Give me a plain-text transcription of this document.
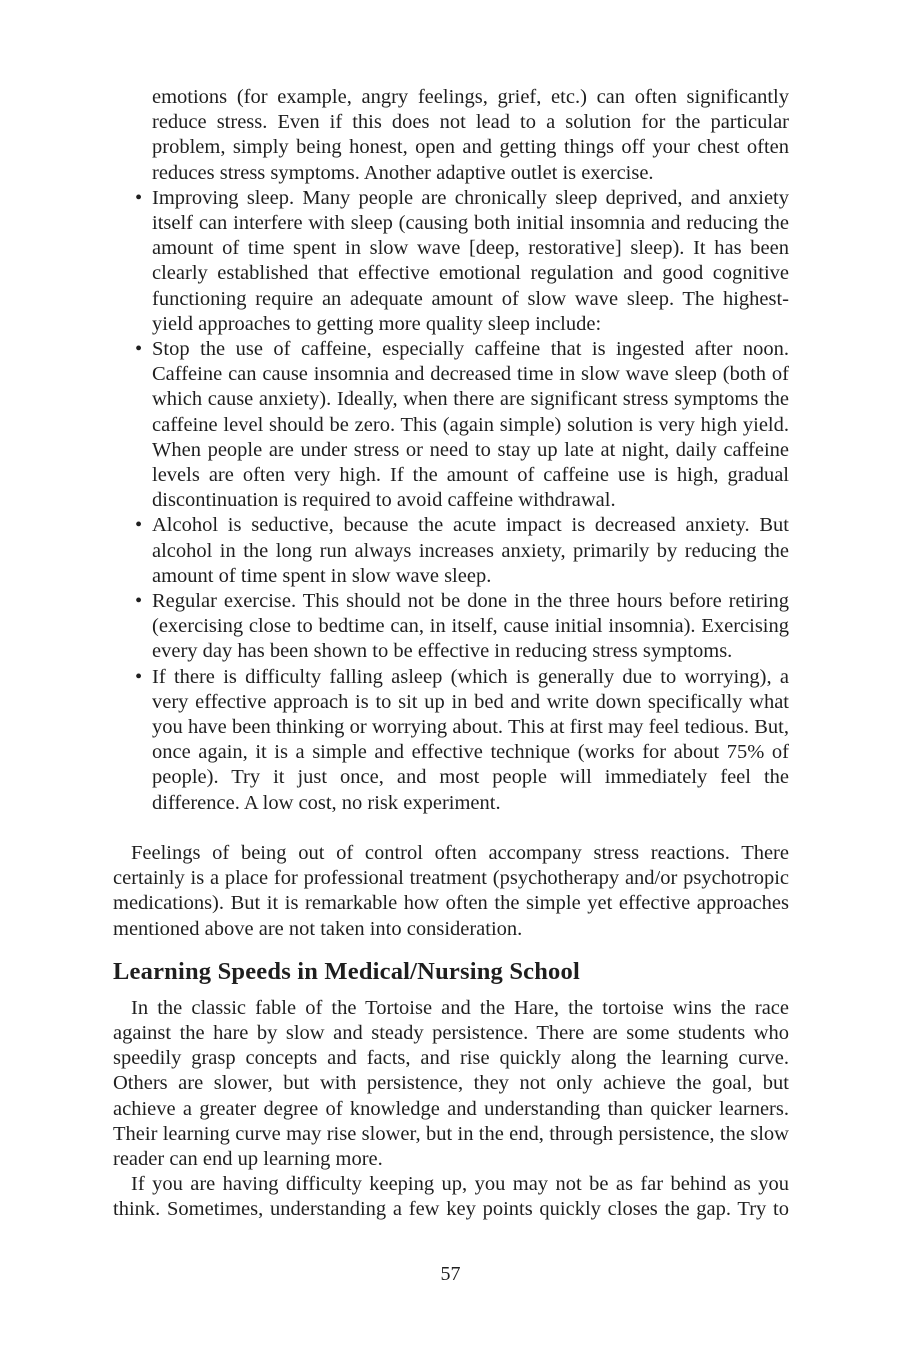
emotions (for example, angry feelings, grief, etc.) can often significantly reduce stress. Even if this does not lead to a solution for the particular problem, simply being honest, open and getting things off your chest often reduces stress symptoms. Another adaptive outlet is exercise.
• Improving sleep. Many people are chronically sleep deprived, and anxiety itself can interfere with sleep (causing both initial insomnia and reducing the amount of time spent in slow wave [deep, restorative] sleep). It has been clearly established that effective emotional regulation and good cognitive functioning require an adequate amount of slow wave sleep. The highest-yield approaches to getting more quality sleep include:
• Stop the use of caffeine, especially caffeine that is ingested after noon. Caffeine can cause insomnia and decreased time in slow wave sleep (both of which cause anxiety). Ideally, when there are significant stress symptoms the caffeine level should be zero. This (again simple) solution is very high yield. When people are under stress or need to stay up late at night, daily caffeine levels are often very high. If the amount of caffeine use is high, gradual discontinuation is required to avoid caffeine withdrawal.
• Alcohol is seductive, because the acute impact is decreased anxiety. But alcohol in the long run always increases anxiety, primarily by reducing the amount of time spent in slow wave sleep.
• Regular exercise. This should not be done in the three hours before retiring (exercising close to bedtime can, in itself, cause initial insomnia). Exercising every day has been shown to be effective in reducing stress symptoms.
• If there is difficulty falling asleep (which is generally due to worrying), a very effective approach is to sit up in bed and write down specifically what you have been thinking or worrying about. This at first may feel tedious. But, once again, it is a simple and effective technique (works for about 75% of people). Try it just once, and most people will immediately feel the difference. A low cost, no risk experiment.
Feelings of being out of control often accompany stress reactions. There certainly is a place for professional treatment (psychotherapy and/or psychotropic medications). But it is remarkable how often the simple yet effective approaches mentioned above are not taken into consideration.
Learning Speeds in Medical/Nursing School
In the classic fable of the Tortoise and the Hare, the tortoise wins the race against the hare by slow and steady persistence. There are some students who speedily grasp concepts and facts, and rise quickly along the learning curve. Others are slower, but with persistence, they not only achieve the goal, but achieve a greater degree of knowledge and understanding than quicker learners. Their learning curve may rise slower, but in the end, through persistence, the slow reader can end up learning more.
If you are having difficulty keeping up, you may not be as far behind as you think. Sometimes, understanding a few key points quickly closes the gap. Try to
57
